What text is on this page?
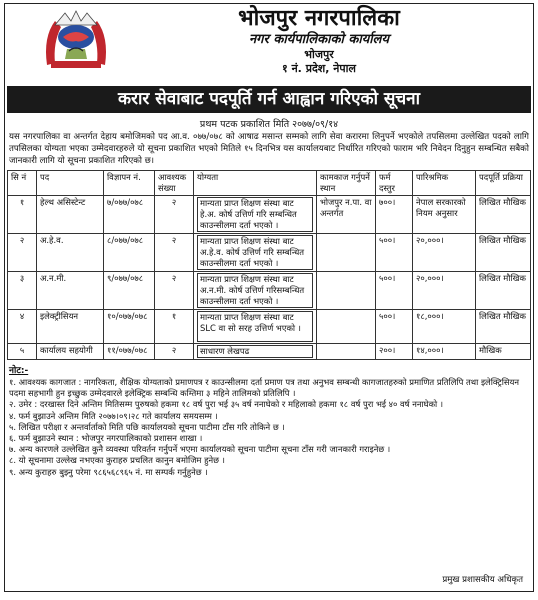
भोजपुर नगरपालिका
नगर कार्यपालिकाको कार्यालय
भोजपुर
१ नं. प्रदेश, नेपाल
करार सेवाबाट पदपूर्ति गर्न आह्वान गरिएको सूचना
प्रथम पटक प्रकाशित मिति २०७७/०९/१४
यस नगरपालिका वा अन्तर्गत देहाय बमोजिमको पद आ.व. ०७७/०७८ को आषाढ मसान्त सम्मको लागि सेवा करारमा लिनुपर्ने भएकोले तपसिलमा उल्लेखित पदको लागि तपसिलका योग्यता भएका उम्मेदवारहरुले यो सूचना प्रकाशित भएको मितिले १५ दिनभित्र यस कार्यालयबाट निर्धारित गरिएको फाराम भरि निवेदन दिनुहुन सम्बन्धित सबैको जानकारी लागि यो सूचना प्रकाशित गरिएको छ।
सि नं	पद	विज्ञापन नं.	आवश्यक संख्या	योग्यता	कामकाज गर्नुपर्ने स्थान	फर्म दस्तुर	पारिश्रमिक	पदपूर्ति प्रक्रिया
१	हेल्थ असिस्टेन्ट	७/०७७/०७८	२	मान्यता प्राप्त शिक्षण संस्था बाट हे.अ. कोर्ष उत्तिर्ण गरि सम्बन्धित काउन्सीलमा दर्ता भएको ।	भोजपुर न.पा. वा अन्तर्गत	७००।	नेपाल सरकारको नियम अनुसार	लिखित मौखिक
२	अ.हे.व.	८/०७७/०७८	२	मान्यता प्राप्त शिक्षण संस्था बाट अ.हे.व. कोर्ष उत्तिर्ण गरि सम्बन्धित काउन्सीलमा दर्ता भएको ।		५००।	२०,०००।	लिखित मौखिक
३	अ.न.मी.	९/०७७/०७८	२	मान्यता प्राप्त शिक्षण संस्था बाट अ.न.मी. कोर्ष उत्तिर्ण गरिसम्बन्धित काउन्सीलमा दर्ता भएको ।		५००।	२०,०००।	लिखित मौखिक
४	इलेक्ट्रीसियन	१०/०७७/०७८	१	मान्यता प्राप्त शिक्षण संस्था बाट SLC वा सो सरह उत्तिर्ण भएको ।		५००।	१८,०००।	लिखित मौखिक
५	कार्यालय सहयोगी	११/०७७/०७८	२	साधारण लेखपढ		२००।	१४,०००।	मौखिक
नोट:-
१. आवश्यक कागजात : नागरिकता, शैक्षिक योग्यताको प्रमाणपत्र र काउन्सीलमा दर्ता प्रमाण पत्र तथा अनुभव सम्बन्धी कागजातहरुको प्रमाणित प्रतिलिपि तथा इलेक्ट्रिसियन पदमा सहभागी हुन इच्छुक उम्मेदवारले इलेक्ट्रिक सम्बन्धि कम्तिमा ३ महिने तालिमको प्रतिलिपि ।
२. उमेर : दरखास्त दिने अन्तिम मितिसम्म पुरुषको हकमा १८ वर्ष पुरा भई ३५ वर्ष ननाघेको र महिलाको हकमा १८ वर्ष पुरा भई ४० वर्ष ननाघेको ।
४. फर्म बुझाउने अन्तिम मिति २०७७।०९।२८ गते कार्यालय समयसम्म ।
५. लिखित परीक्षा र अन्तर्वार्ताको मिति पछि कार्यालयको सूचना पाटीमा टाँस गरि तोकिने छ ।
६. फर्म बुझाउने स्थान : भोजपुर नगरपालिकाको प्रशासन शाखा ।
७. अन्य कारणले उल्लेखित कुनै व्यवस्था परिवर्तन गर्नुपर्ने भएमा कार्यालयको सूचना पाटीमा सूचना टाँस गरी जानकारी गराइनेछ ।
८. यो सूचनामा उल्लेख नभएका कुराहरु प्रचलित कानुन बमोजिम हुनेछ ।
९. अन्य कुराहरु बुझ्नु परेमा ९८६५६८९६५ नं. मा सम्पर्क गर्नुहुनेछ ।
प्रमुख प्रशासकीय अधिकृत
